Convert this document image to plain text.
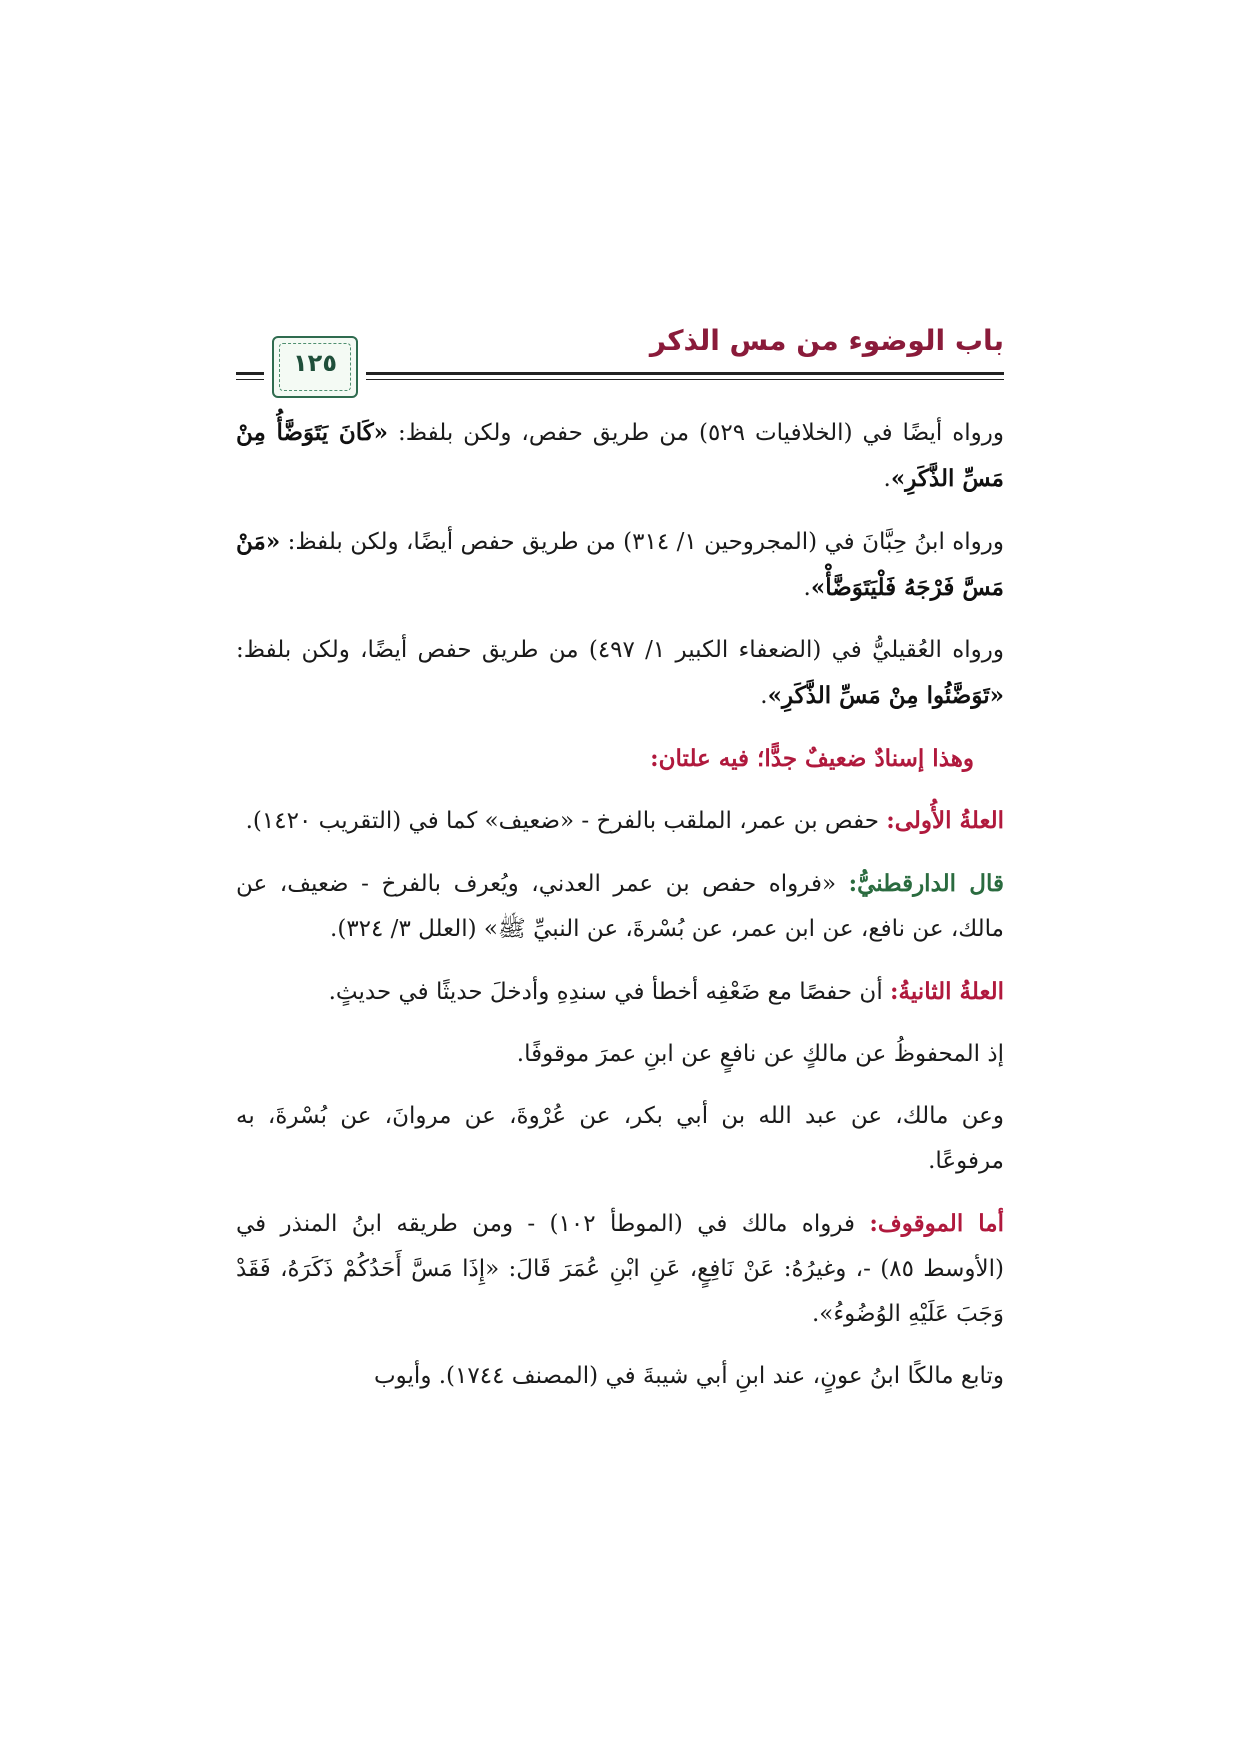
باب الوضوء من مس الذكر
١٢٥

ورواه أيضًا في (الخلافيات ٥٢٩) من طريق حفص، ولكن بلفظ: «كَانَ يَتَوَضَّأُ مِنْ مَسِّ الذَّكَرِ».

ورواه ابنُ حِبَّانَ في (المجروحين ١/ ٣١٤) من طريق حفص أيضًا، ولكن بلفظ: «مَنْ مَسَّ فَرْجَهُ فَلْيَتَوَضَّأْ».

ورواه العُقيليُّ في (الضعفاء الكبير ١/ ٤٩٧) من طريق حفص أيضًا، ولكن بلفظ: «تَوَضَّئُوا مِنْ مَسِّ الذَّكَرِ».

وهذا إسنادٌ ضعيفٌ جدًّا؛ فيه علتان:

العلةُ الأُولى: حفص بن عمر، الملقب بالفرخ - «ضعيف» كما في (التقريب ١٤٢٠).

قال الدارقطنيُّ: «فرواه حفص بن عمر العدني، ويُعرف بالفرخ - ضعيف، عن مالك، عن نافع، عن ابن عمر، عن بُسْرةَ، عن النبيِّ ﷺ» (العلل ٣/ ٣٢٤).

العلةُ الثانيةُ: أن حفصًا مع ضَعْفِه أخطأ في سندِهِ وأدخلَ حديثًا في حديثٍ.

إذ المحفوظُ عن مالكٍ عن نافعٍ عن ابنِ عمرَ موقوفًا.

وعن مالك، عن عبد الله بن أبي بكر، عن عُرْوةَ، عن مروانَ، عن بُسْرةَ، به مرفوعًا.

أما الموقوف: فرواه مالك في (الموطأ ١٠٢) - ومن طريقه ابنُ المنذر في (الأوسط ٨٥) -، وغيرُهُ: عَنْ نَافِعٍ، عَنِ ابْنِ عُمَرَ قَالَ: «إِذَا مَسَّ أَحَدُكُمْ ذَكَرَهُ، فَقَدْ وَجَبَ عَلَيْهِ الوُضُوءُ».

وتابع مالكًا ابنُ عونٍ، عند ابنِ أبي شيبةَ في (المصنف ١٧٤٤). وأيوب
